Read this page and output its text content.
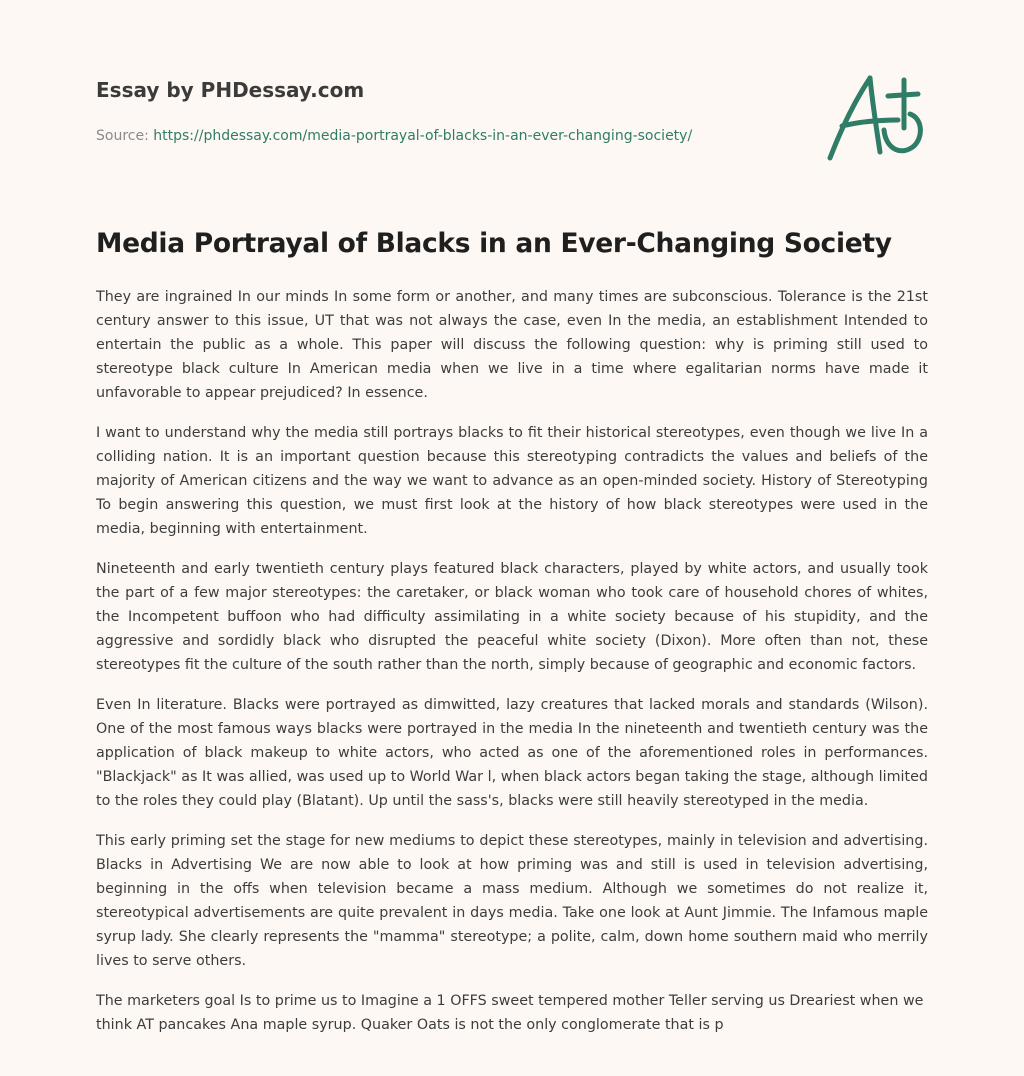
Essay by PHDessay.com
Source: https://phdessay.com/media-portrayal-of-blacks-in-an-ever-changing-society/
Media Portrayal of Blacks in an Ever-Changing Society

They are ingrained In our minds In some form or another, and many times are subconscious. Tolerance is the 21st century answer to this issue, UT that was not always the case, even In the media, an establishment Intended to entertain the public as a whole. This paper will discuss the following question: why is priming still used to stereotype black culture In American media when we live in a time where egalitarian norms have made it unfavorable to appear prejudiced? In essence.

I want to understand why the media still portrays blacks to fit their historical stereotypes, even though we live In a colliding nation. It is an important question because this stereotyping contradicts the values and beliefs of the majority of American citizens and the way we want to advance as an open-minded society. History of Stereotyping To begin answering this question, we must first look at the history of how black stereotypes were used in the media, beginning with entertainment.

Nineteenth and early twentieth century plays featured black characters, played by white actors, and usually took the part of a few major stereotypes: the caretaker, or black woman who took care of household chores of whites, the Incompetent buffoon who had difficulty assimilating in a white society because of his stupidity, and the aggressive and sordidly black who disrupted the peaceful white society (Dixon). More often than not, these stereotypes fit the culture of the south rather than the north, simply because of geographic and economic factors.

Even In literature. Blacks were portrayed as dimwitted, lazy creatures that lacked morals and standards (Wilson). One of the most famous ways blacks were portrayed in the media In the nineteenth and twentieth century was the application of black makeup to white actors, who acted as one of the aforementioned roles in performances. "Blackjack" as It was allied, was used up to World War l, when black actors began taking the stage, although limited to the roles they could play (Blatant). Up until the sass's, blacks were still heavily stereotyped in the media.

This early priming set the stage for new mediums to depict these stereotypes, mainly in television and advertising. Blacks in Advertising We are now able to look at how priming was and still is used in television advertising, beginning in the offs when television became a mass medium. Although we sometimes do not realize it, stereotypical advertisements are quite prevalent in days media. Take one look at Aunt Jimmie. The Infamous maple syrup lady. She clearly represents the "mamma" stereotype; a polite, calm, down home southern maid who merrily lives to serve others.

The marketers goal Is to prime us to Imagine a 1 OFFS sweet tempered mother Teller serving us Dreariest when we think AT pancakes Ana maple syrup. Quaker Oats is not the only conglomerate that is p
